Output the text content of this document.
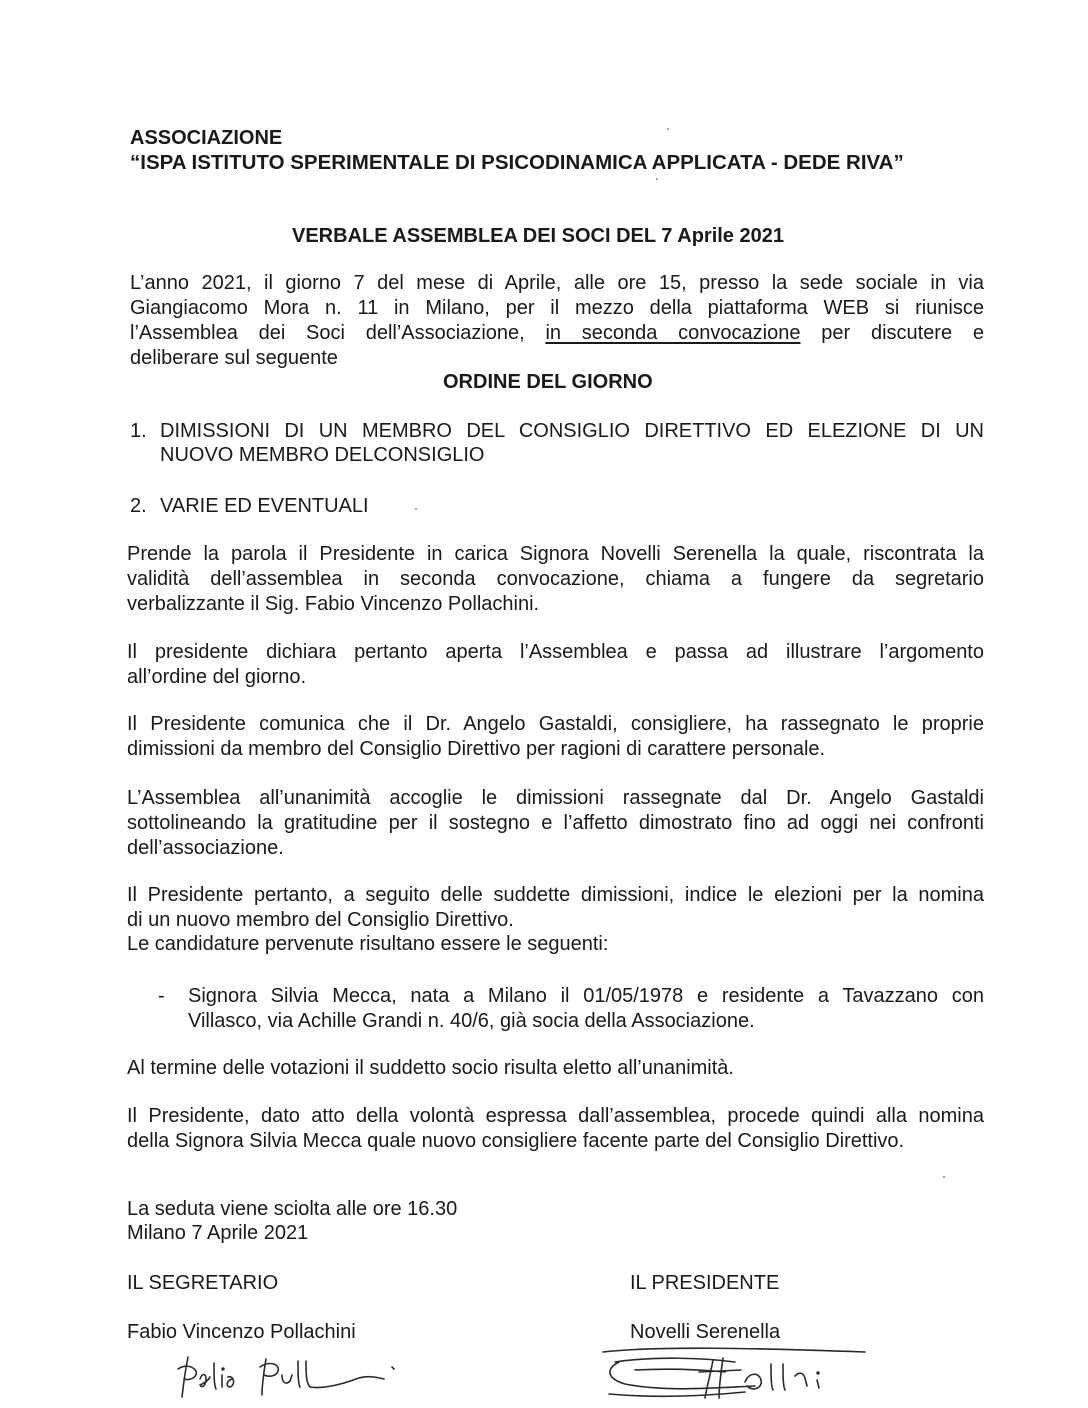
ASSOCIAZIONE
“ISPA ISTITUTO SPERIMENTALE DI PSICODINAMICA APPLICATA - DEDE RIVA”
VERBALE ASSEMBLEA DEI SOCI DEL 7 Aprile 2021
L’anno 2021, il giorno 7 del mese di Aprile, alle ore 15, presso la sede sociale in via
Giangiacomo Mora n. 11 in Milano, per il mezzo della piattaforma WEB si riunisce
l’Assemblea dei Soci dell’Associazione, in seconda convocazione per discutere e
deliberare sul seguente
ORDINE DEL GIORNO
1. DIMISSIONI DI UN MEMBRO DEL CONSIGLIO DIRETTIVO ED ELEZIONE DI UN
NUOVO MEMBRO DELCONSIGLIO
2. VARIE ED EVENTUALI
Prende la parola il Presidente in carica Signora Novelli Serenella la quale, riscontrata la
validità dell’assemblea in seconda convocazione, chiama a fungere da segretario
verbalizzante il Sig. Fabio Vincenzo Pollachini.
Il presidente dichiara pertanto aperta l’Assemblea e passa ad illustrare l’argomento
all’ordine del giorno.
Il Presidente comunica che il Dr. Angelo Gastaldi, consigliere, ha rassegnato le proprie
dimissioni da membro del Consiglio Direttivo per ragioni di carattere personale.
L’Assemblea all’unanimità accoglie le dimissioni rassegnate dal Dr. Angelo Gastaldi
sottolineando la gratitudine per il sostegno e l’affetto dimostrato fino ad oggi nei confronti
dell’associazione.
Il Presidente pertanto, a seguito delle suddette dimissioni, indice le elezioni per la nomina
di un nuovo membro del Consiglio Direttivo.
Le candidature pervenute risultano essere le seguenti:
- Signora Silvia Mecca, nata a Milano il 01/05/1978 e residente a Tavazzano con
Villasco, via Achille Grandi n. 40/6, già socia della Associazione.
Al termine delle votazioni il suddetto socio risulta eletto all’unanimità.
Il Presidente, dato atto della volontà espressa dall’assemblea, procede quindi alla nomina
della Signora Silvia Mecca quale nuovo consigliere facente parte del Consiglio Direttivo.
La seduta viene sciolta alle ore 16.30
Milano 7 Aprile 2021
IL SEGRETARIO
Fabio Vincenzo Pollachini
IL PRESIDENTE
Novelli Serenella
